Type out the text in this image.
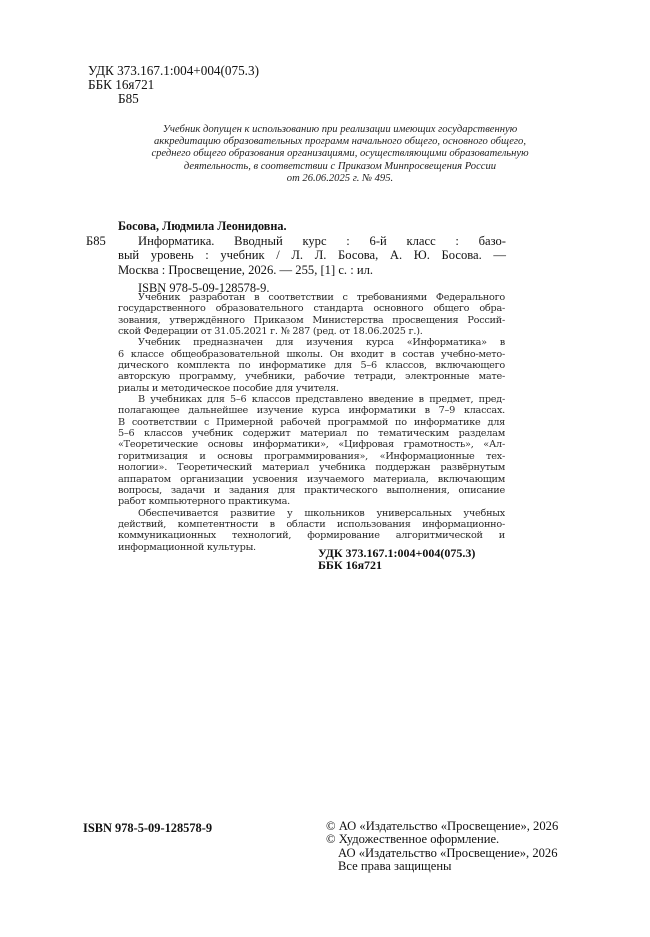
УДК 373.167.1:004+004(075.3)
ББК 16я721
Б85
Учебник допущен к использованию при реализации имеющих государственную
аккредитацию образовательных программ начального общего, основного общего,
среднего общего образования организациями, осуществляющими образовательную
деятельность, в соответствии с Приказом Минпросвещения России
от 26.06.2025 г. № 495.
Босова, Людмила Леонидовна.
Б85	Информатика. Вводный курс : 6-й класс : базо-
вый уровень : учебник / Л. Л. Босова, А. Ю. Босова. —
Москва : Просвещение, 2026. — 255, [1] с. : ил.
ISBN 978-5-09-128578-9.
Учебник разработан в соответствии с требованиями Федерального
государственного образовательного стандарта основного общего обра-
зования, утверждённого Приказом Министерства просвещения Россий-
ской Федерации от 31.05.2021 г. № 287 (ред. от 18.06.2025 г.).
Учебник предназначен для изучения курса «Информатика» в
6 классе общеобразовательной школы. Он входит в состав учебно-мето-
дического комплекта по информатике для 5–6 классов, включающего
авторскую программу, учебники, рабочие тетради, электронные мате-
риалы и методическое пособие для учителя.
В учебниках для 5–6 классов представлено введение в предмет, пред-
полагающее дальнейшее изучение курса информатики в 7–9 классах.
В соответствии с Примерной рабочей программой по информатике для
5–6 классов учебник содержит материал по тематическим разделам
«Теоретические основы информатики», «Цифровая грамотность», «Ал-
горитмизация и основы программирования», «Информационные тех-
нологии». Теоретический материал учебника поддержан развёрнутым
аппаратом организации усвоения изучаемого материала, включающим
вопросы, задачи и задания для практического выполнения, описание
работ компьютерного практикума.
Обеспечивается развитие у школьников универсальных учебных
действий, компетентности в области использования информационно-
коммуникационных технологий, формирование алгоритмической и
информационной культуры.	УДК 373.167.1:004+004(075.3)
ББК 16я721
ISBN 978-5-09-128578-9	© АО «Издательство «Просвещение», 2026
© Художественное оформление.
АО «Издательство «Просвещение», 2026
Все права защищены
